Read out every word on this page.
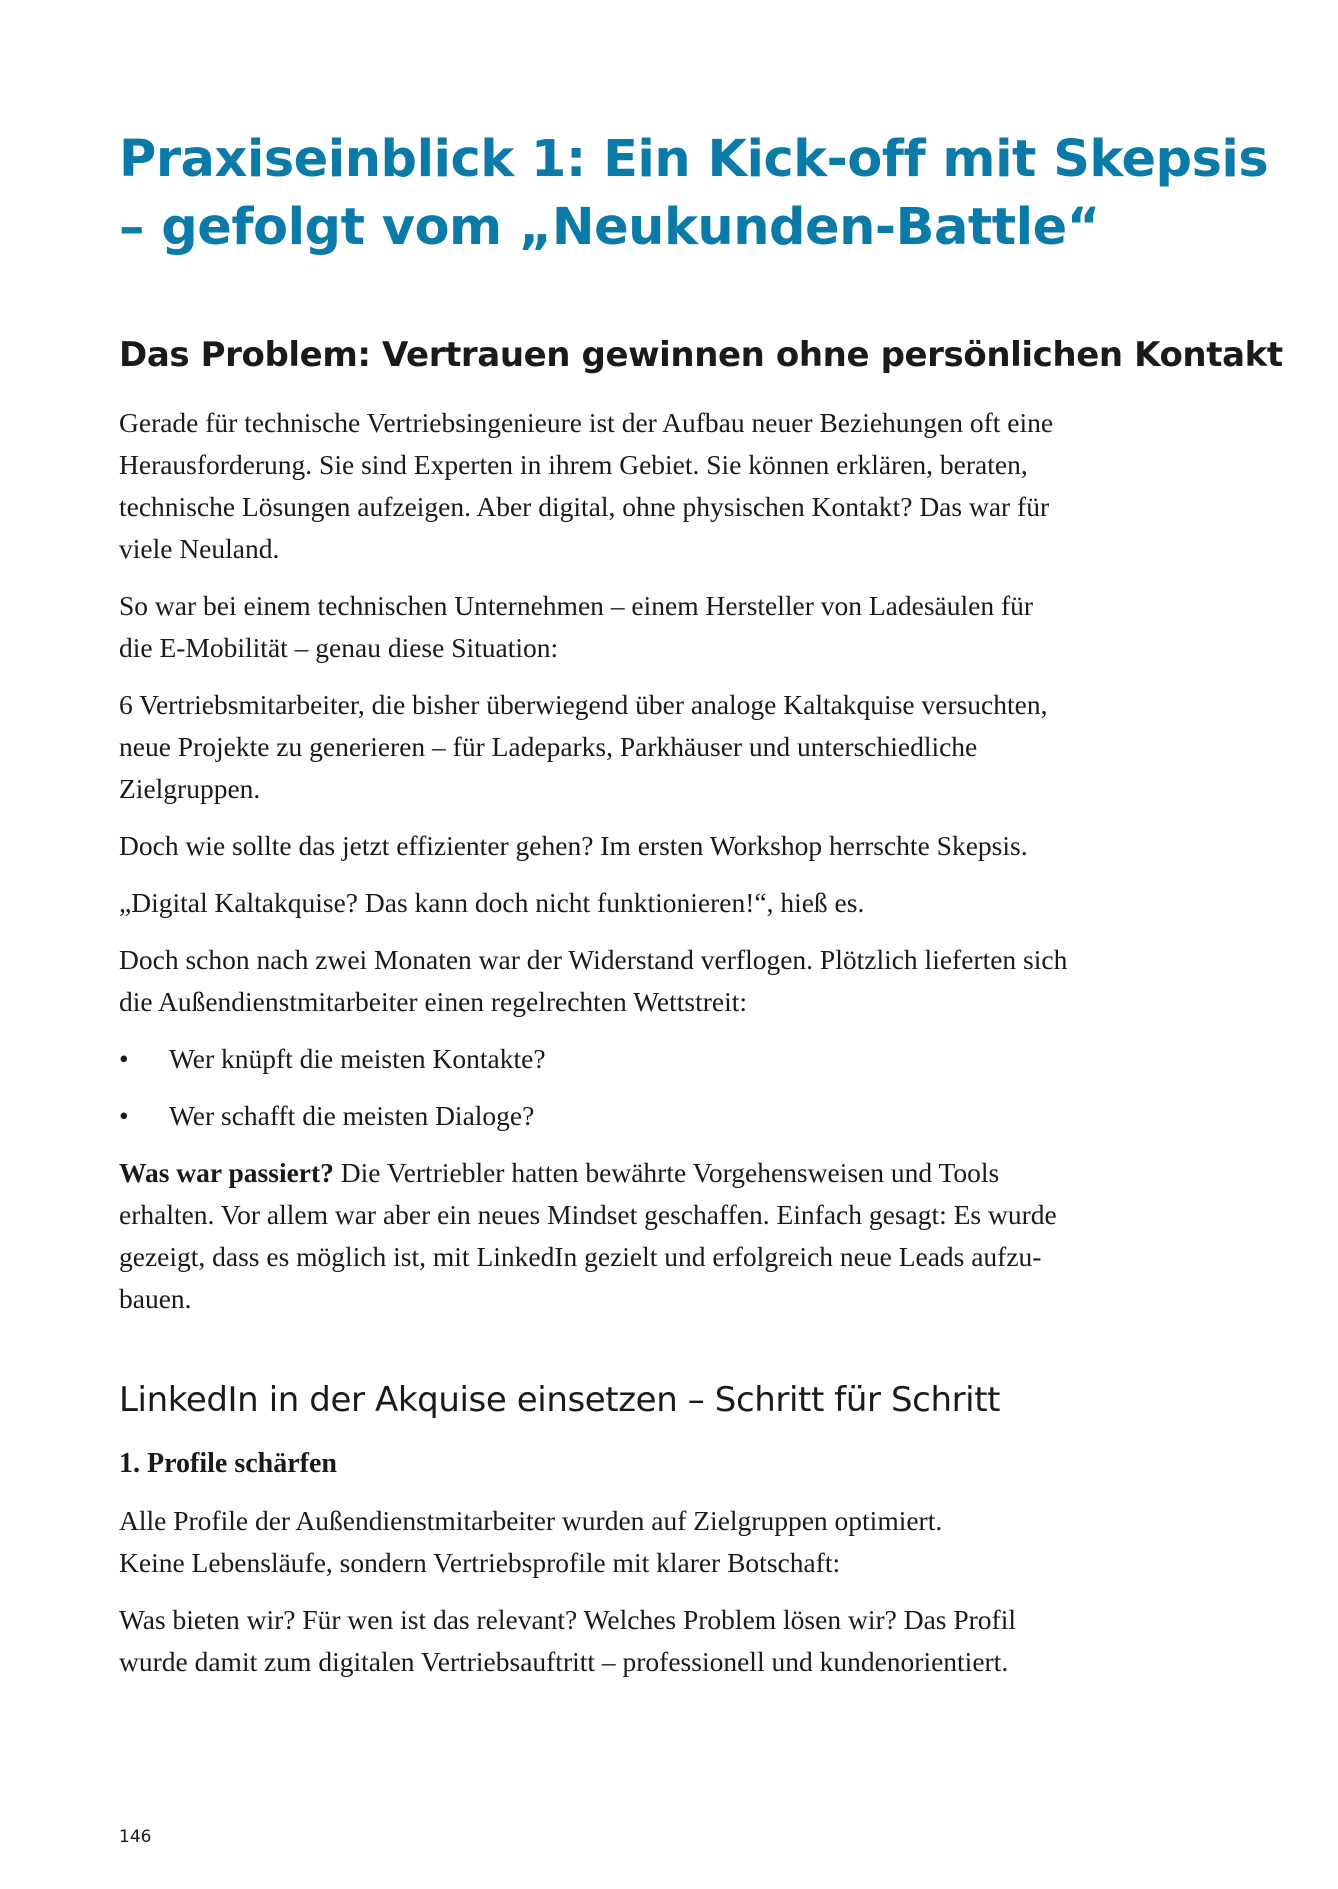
Praxiseinblick 1: Ein Kick-off mit Skepsis
– gefolgt vom „Neukunden-Battle“
Das Problem: Vertrauen gewinnen ohne persönlichen Kontakt

Gerade für technische Vertriebsingenieure ist der Aufbau neuer Beziehungen oft eine
Herausforderung. Sie sind Experten in ihrem Gebiet. Sie können erklären, beraten,
technische Lösungen aufzeigen. Aber digital, ohne physischen Kontakt? Das war für
viele Neuland.

So war bei einem technischen Unternehmen – einem Hersteller von Ladesäulen für
die E-Mobilität – genau diese Situation:

6 Vertriebsmitarbeiter, die bisher überwiegend über analoge Kaltakquise versuchten,
neue Projekte zu generieren – für Ladeparks, Parkhäuser und unterschiedliche
Zielgruppen.

Doch wie sollte das jetzt effizienter gehen? Im ersten Workshop herrschte Skepsis.

„Digital Kaltakquise? Das kann doch nicht funktionieren!“, hieß es.

Doch schon nach zwei Monaten war der Widerstand verflogen. Plötzlich lieferten sich
die Außendienstmitarbeiter einen regelrechten Wettstreit:

• Wer knüpft die meisten Kontakte?
• Wer schafft die meisten Dialoge?

Was war passiert? Die Vertriebler hatten bewährte Vorgehensweisen und Tools
erhalten. Vor allem war aber ein neues Mindset geschaffen. Einfach gesagt: Es wurde
gezeigt, dass es möglich ist, mit LinkedIn gezielt und erfolgreich neue Leads aufzu-
bauen.

LinkedIn in der Akquise einsetzen – Schritt für Schritt
1. Profile schärfen

Alle Profile der Außendienstmitarbeiter wurden auf Zielgruppen optimiert.
Keine Lebensläufe, sondern Vertriebsprofile mit klarer Botschaft:

Was bieten wir? Für wen ist das relevant? Welches Problem lösen wir? Das Profil
wurde damit zum digitalen Vertriebsauftritt – professionell und kundenorientiert.

146
